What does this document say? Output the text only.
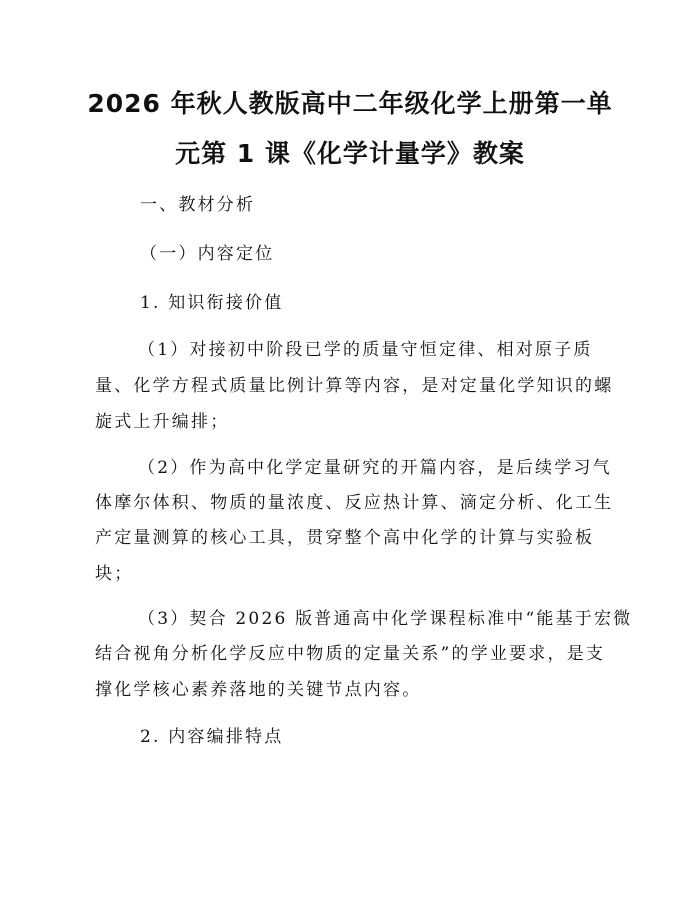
2026 年秋人教版高中二年级化学上册第一单
元第 1 课《化学计量学》教案
一、教材分析
（一）内容定位
1. 知识衔接价值
（1）对接初中阶段已学的质量守恒定律、相对原子质
量、化学方程式质量比例计算等内容，是对定量化学知识的螺
旋式上升编排；
（2）作为高中化学定量研究的开篇内容，是后续学习气
体摩尔体积、物质的量浓度、反应热计算、滴定分析、化工生
产定量测算的核心工具，贯穿整个高中化学的计算与实验板
块；
（3）契合 2026 版普通高中化学课程标准中“能基于宏微
结合视角分析化学反应中物质的定量关系”的学业要求，是支
撑化学核心素养落地的关键节点内容。
2. 内容编排特点
